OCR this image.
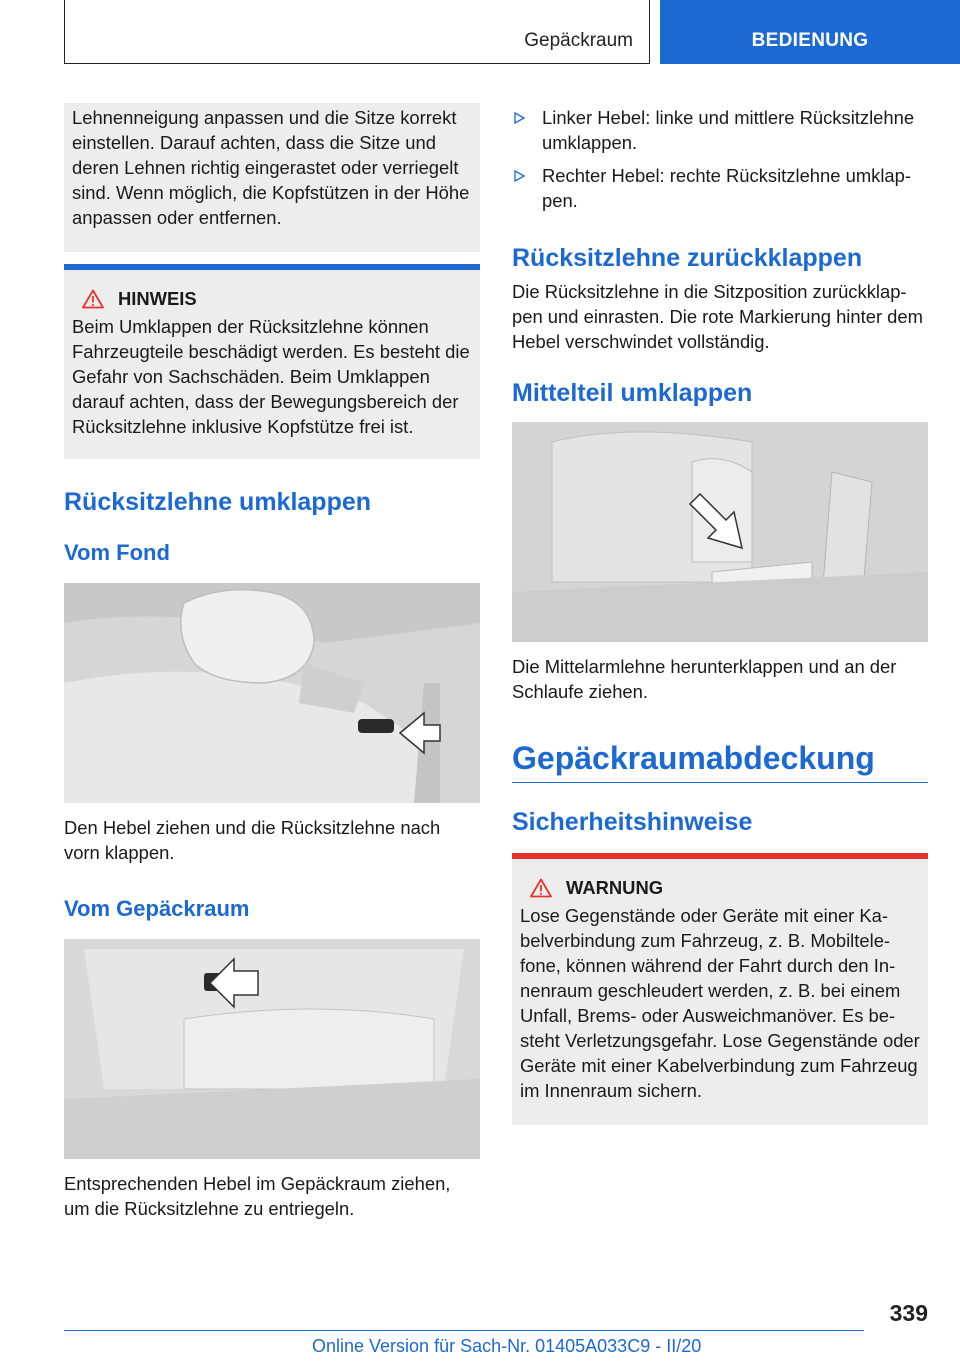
Gepäckraum	BEDIENUNG

Lehnenneigung anpassen und die Sitze korrekt einstellen. Darauf achten, dass die Sitze und deren Lehnen richtig eingerastet oder verriegelt sind. Wenn möglich, die Kopfstützen in der Höhe anpassen oder entfernen.

HINWEIS

Beim Umklappen der Rücksitzlehne können Fahrzeugteile beschädigt werden. Es besteht die Gefahr von Sachschäden. Beim Umklappen darauf achten, dass der Bewegungsbereich der Rücksitzlehne inklusive Kopfstütze frei ist.

Rücksitzlehne umklappen
Vom Fond

Den Hebel ziehen und die Rücksitzlehne nach vorn klappen.

Vom Gepäckraum

Entsprechenden Hebel im Gepäckraum ziehen, um die Rücksitzlehne zu entriegeln.

Linker Hebel: linke und mittlere Rücksitzlehne umklappen.
Rechter Hebel: rechte Rücksitzlehne umklap-pen.
Rücksitzlehne zurückklappen

Die Rücksitzlehne in die Sitzposition zurückklap-pen und einrasten. Die rote Markierung hinter dem Hebel verschwindet vollständig.

Mittelteil umklappen

Die Mittelarmlehne herunterklappen und an der Schlaufe ziehen.

Gepäckraumabdeckung
Sicherheitshinweise
WARNUNG

Lose Gegenstände oder Geräte mit einer Ka-belverbindung zum Fahrzeug, z. B. Mobiltele-fone, können während der Fahrt durch den In-nenraum geschleudert werden, z. B. bei einem Unfall, Brems- oder Ausweichmanöver. Es be-steht Verletzungsgefahr. Lose Gegenstände oder Geräte mit einer Kabelverbindung zum Fahrzeug im Innenraum sichern.

339
Online Version für Sach-Nr. 01405A033C9 - II/20
